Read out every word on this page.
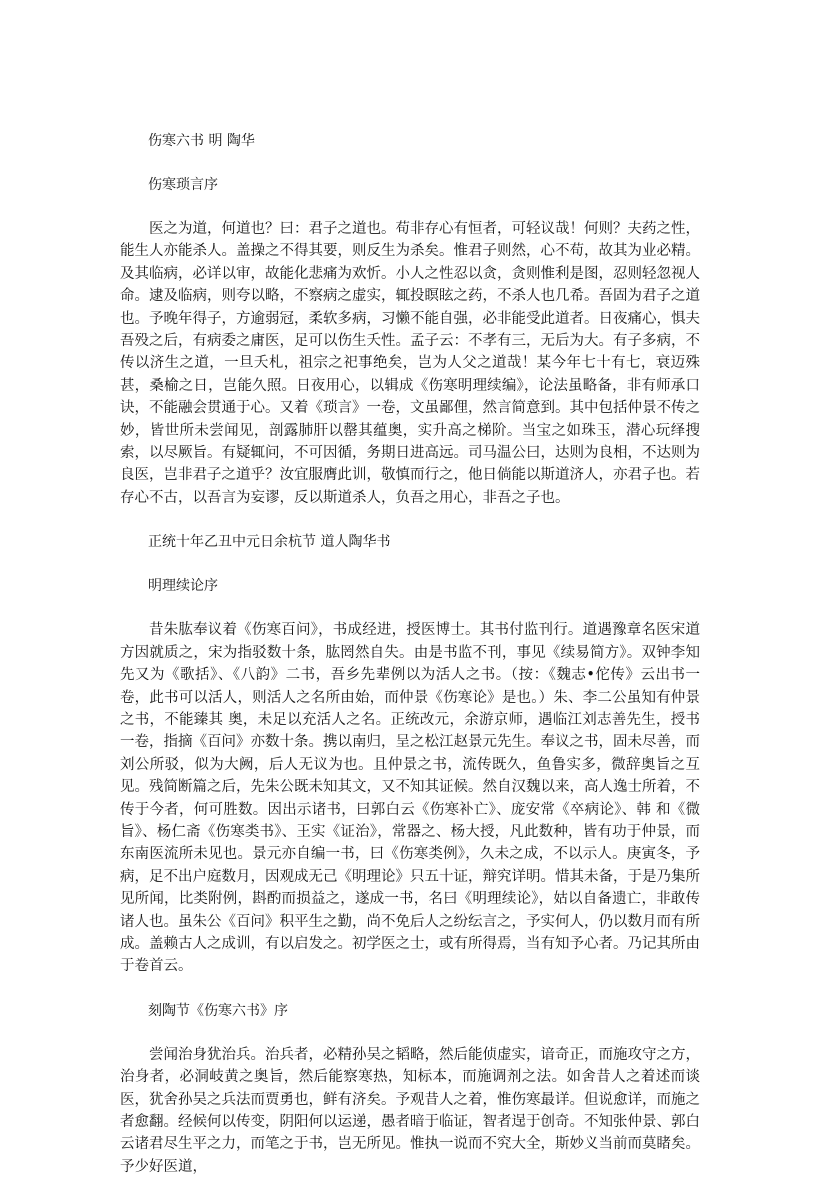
伤寒六书 明 陶华
伤寒琐言序

医之为道，何道也？曰：君子之道也。苟非存心有恒者，可轻议哉！何则？夫药之性，能生人亦能杀人。盖操之不得其要，则反生为杀矣。惟君子则然，心不苟，故其为业必精。及其临病，必详以审，故能化悲痛为欢忻。小人之性忍以贪，贪则惟利是图，忍则轻忽视人命。逮及临病，则夸以略，不察病之虚实，辄投瞑眩之药，不杀人也几希。吾固为君子之道也。予晚年得子，方逾弱冠，柔软多病，习懒不能自强，必非能受此道者。日夜痛心，惧夫吾殁之后，有病委之庸医，足可以伤生夭性。孟子云：不孝有三，无后为大。有子多病，不传以济生之道，一旦夭札，祖宗之祀事绝矣，岂为人父之道哉！某今年七十有七，衰迈殊甚，桑榆之日，岂能久照。日夜用心，以辑成《伤寒明理续编》，论法虽略备，非有师承口诀，不能融会贯通于心。又着《琐言》一卷，文虽鄙俚，然言简意到。其中包括仲景不传之妙，皆世所未尝闻见，剖露肺肝以罄其蕴奥，实升高之梯阶。当宝之如珠玉，潜心玩绎搜索，以尽厥旨。有疑辄问，不可因循，务期日进高远。司马温公曰，达则为良相，不达则为良医，岂非君子之道乎？汝宜服膺此训，敬慎而行之，他日倘能以斯道济人，亦君子也。若存心不古，以吾言为妄谬，反以斯道杀人，负吾之用心，非吾之子也。

正统十年乙丑中元日余杭节 道人陶华书
明理续论序

昔朱肱奉议着《伤寒百问》，书成经进，授医博士。其书付监刊行。道遇豫章名医宋道方因就质之，宋为指驳数十条，肱罔然自失。由是书监不刊，事见《续易简方》。双钟李知先又为《歌括》、《八韵》二书，吾乡先辈例以为活人之书。（按：《魏志•佗传》云出书一卷，此书可以活人，则活人之名所由始，而仲景《伤寒论》是也。）朱、李二公虽知有仲景之书，不能臻其 奥，未足以充活人之名。正统改元，余游京师，遇临江刘志善先生，授书一卷，指摘《百问》亦数十条。携以南归，呈之松江赵景元先生。奉议之书，固未尽善，而刘公所驳，似为大阙，后人无议为也。且仲景之书，流传既久，鱼鲁实多，微辞奥旨之互见。残简断篇之后，先朱公既未知其文，又不知其证候。然自汉魏以来，高人逸士所着，不传于今者，何可胜数。因出示诸书，曰郭白云《伤寒补亡》、庞安常《卒病论》、韩 和《微旨》、杨仁斋《伤寒类书》、王实《证治》，常器之、杨大授，凡此数种，皆有功于仲景，而东南医流所未见也。景元亦自编一书，曰《伤寒类例》，久未之成，不以示人。庚寅冬，予病，足不出户庭数月，因观成无己《明理论》只五十证，辩究详明。惜其未备，于是乃集所见所闻，比类附例，斟酌而损益之，遂成一书，名曰《明理续论》，姑以自备遗亡，非敢传诸人也。虽朱公《百问》积平生之勤，尚不免后人之纷纭言之，予实何人，仍以数月而有所成。盖赖古人之成训，有以启发之。初学医之士，或有所得焉，当有知予心者。乃记其所由于卷首云。

刻陶节《伤寒六书》序

尝闻治身犹治兵。治兵者，必精孙吴之韬略，然后能侦虚实，谙奇正，而施攻守之方，治身者，必洞岐黄之奥旨，然后能察寒热，知标本，而施调剂之法。如舍昔人之着述而谈医，犹舍孙吴之兵法而贾勇也，鲜有济矣。予观昔人之着，惟伤寒最详。但说愈详，而施之者愈翻。经候何以传变，阴阳何以运递，愚者暗于临证，智者逞于创奇。不知张仲景、郭白云诸君尽生平之力，而笔之于书，岂无所见。惟执一说而不究大全，斯妙义当前而莫睹矣。予少好医道，
